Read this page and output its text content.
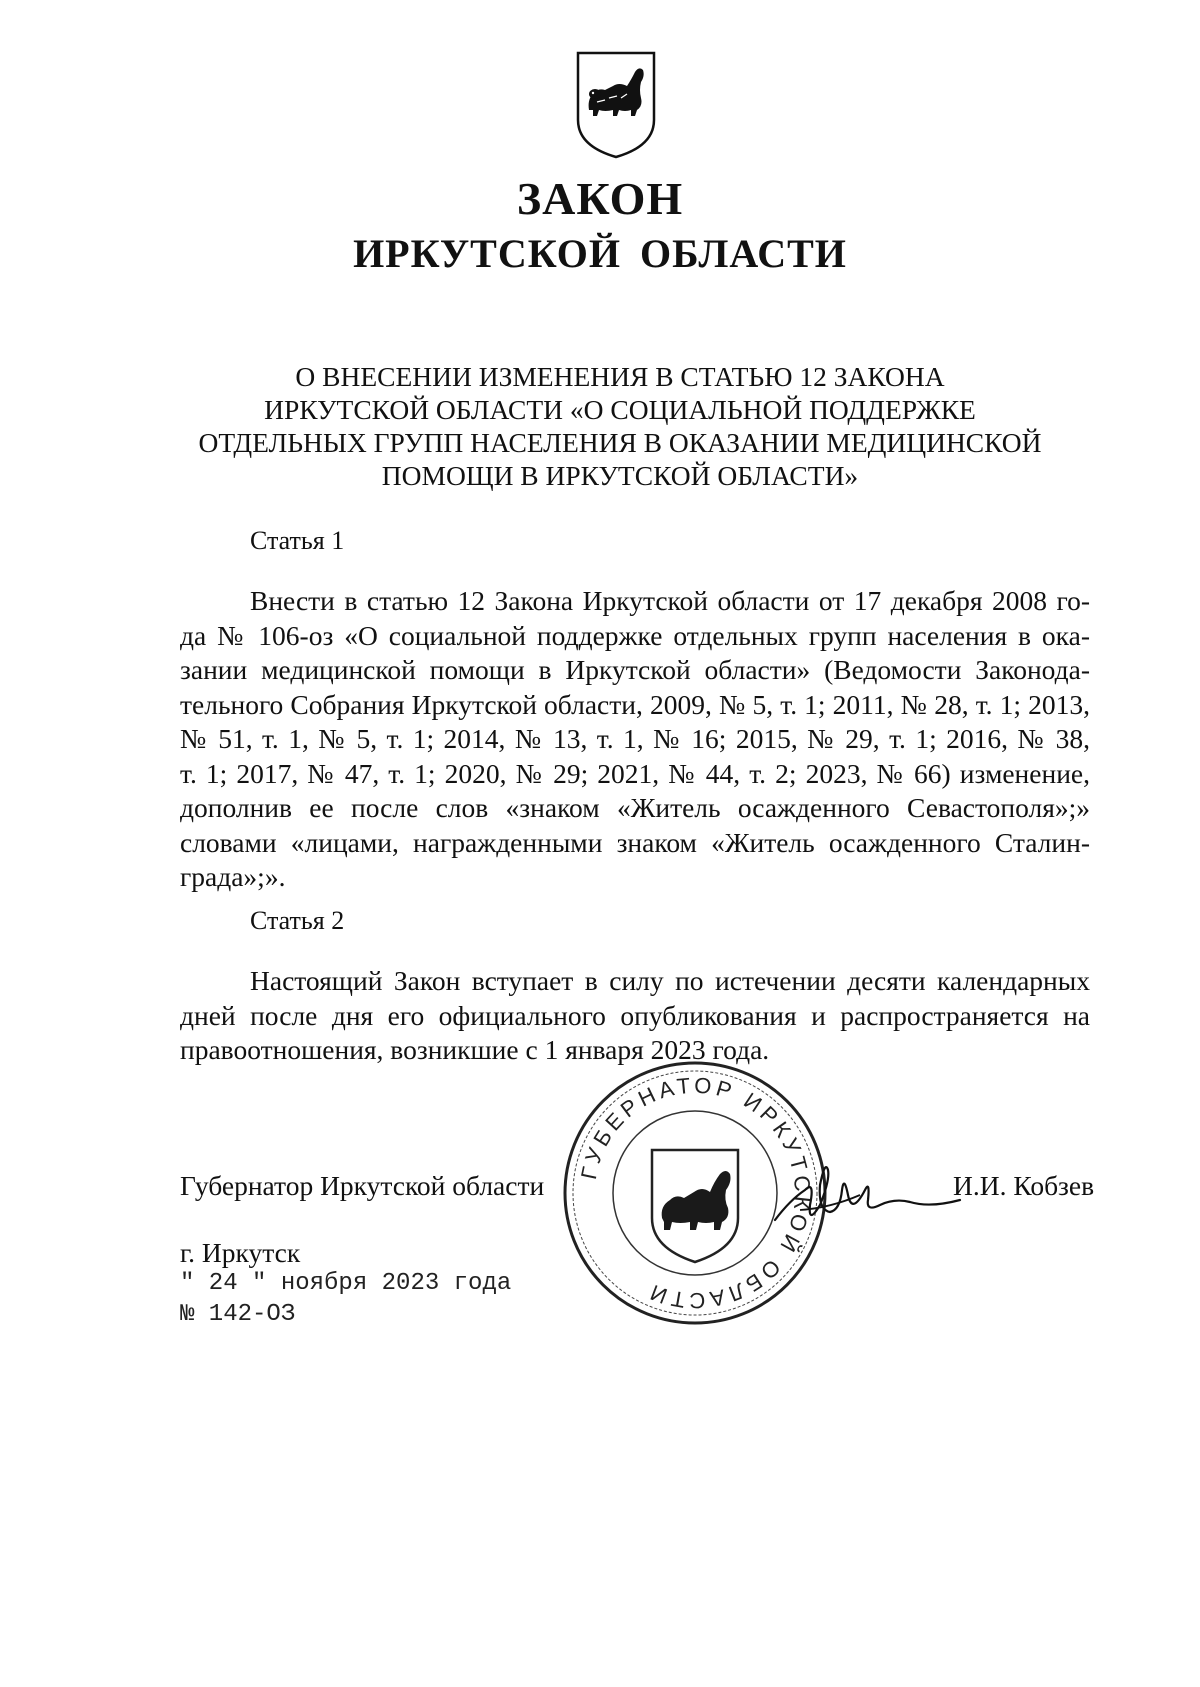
ЗАКОН
ИРКУТСКОЙ ОБЛАСТИ
О ВНЕСЕНИИ ИЗМЕНЕНИЯ В СТАТЬЮ 12 ЗАКОНА
ИРКУТСКОЙ ОБЛАСТИ «О СОЦИАЛЬНОЙ ПОДДЕРЖКЕ
ОТДЕЛЬНЫХ ГРУПП НАСЕЛЕНИЯ В ОКАЗАНИИ МЕДИЦИНСКОЙ
ПОМОЩИ В ИРКУТСКОЙ ОБЛАСТИ»
Статья 1
Внести в статью 12 Закона Иркутской области от 17 декабря 2008 го-
да № 106-оз «О социальной поддержке отдельных групп населения в ока-
зании медицинской помощи в Иркутской области» (Ведомости Законода-
тельного Собрания Иркутской области, 2009, № 5, т. 1; 2011, № 28, т. 1; 2013,
№ 51, т. 1, № 5, т. 1; 2014, № 13, т. 1, № 16; 2015, № 29, т. 1; 2016, № 38,
т. 1; 2017, № 47, т. 1; 2020, № 29; 2021, № 44, т. 2; 2023, № 66) изменение,
дополнив ее после слов «знаком «Житель осажденного Севастополя»;»
словами «лицами, награжденными знаком «Житель осажденного Сталин-
града»;».
Статья 2
Настоящий Закон вступает в силу по истечении десяти календарных
дней после дня его официального опубликования и распространяется на
правоотношения, возникшие с 1 января 2023 года.
ГУБЕРНАТОР ИРКУТСКОЙ ОБЛАСТИ
Губернатор Иркутской области	И.И. Кобзев
г. Иркутск
" 24 " ноября 2023 года
№ 142-ОЗ
